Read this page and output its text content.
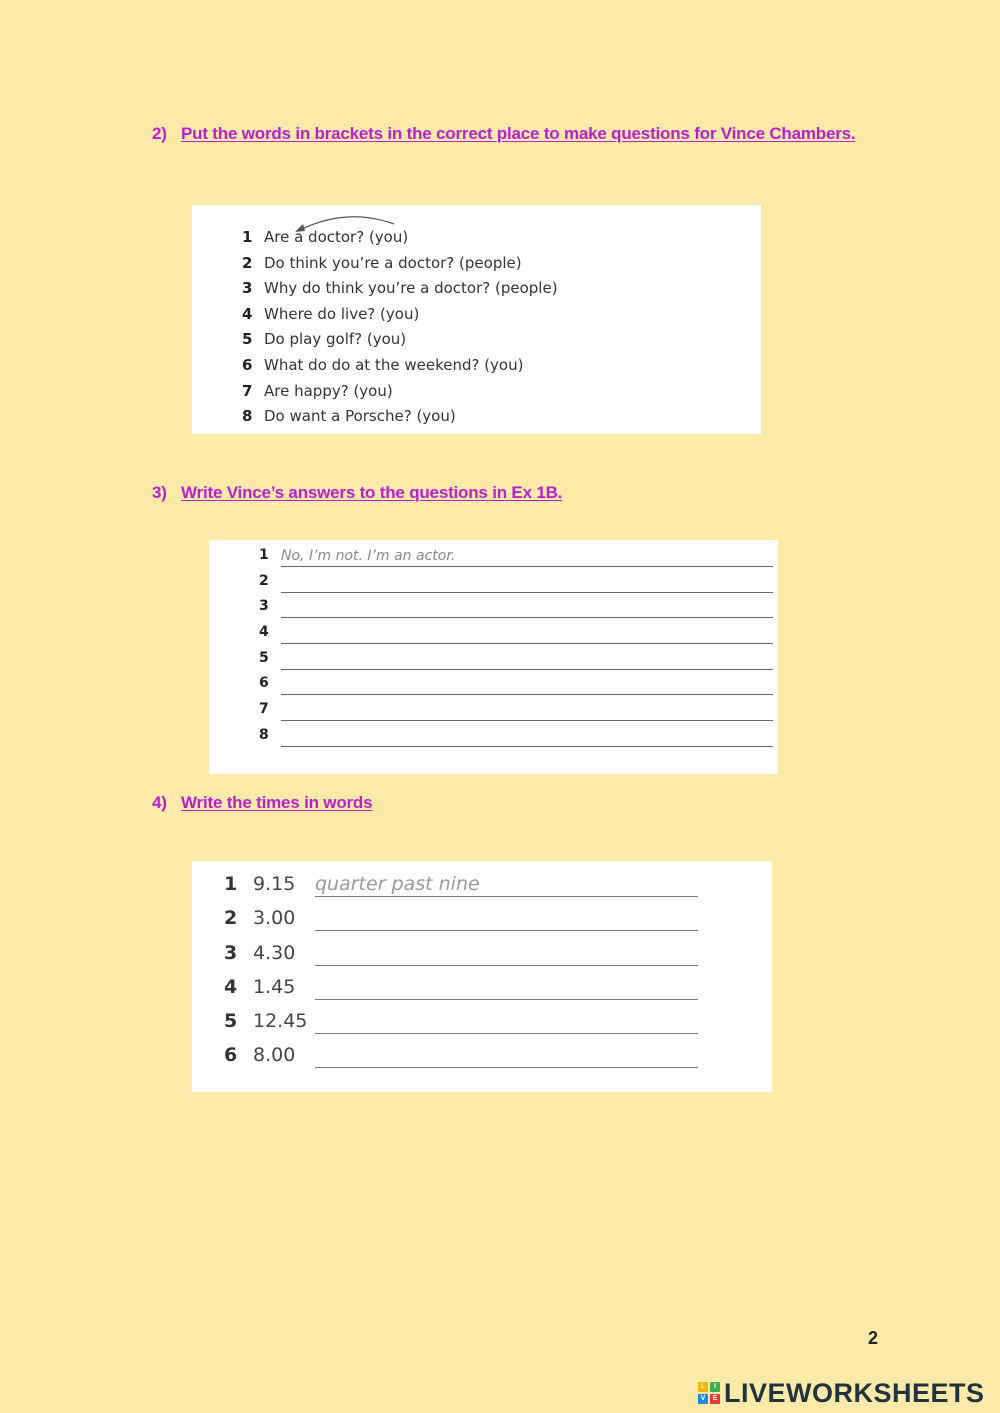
2) Put the words in brackets in the correct place to make questions for Vince Chambers.
1 Are a doctor? (you)
2 Do think you’re a doctor? (people)
3 Why do think you’re a doctor? (people)
4 Where do live? (you)
5 Do play golf? (you)
6 What do do at the weekend? (you)
7 Are happy? (you)
8 Do want a Porsche? (you)
3) Write Vince’s answers to the questions in Ex 1B.
1 No, I’m not. I’m an actor.
2
3
4
5
6
7
8
4) Write the times in words
1 9.15 quarter past nine
2 3.00
3 4.30
4 1.45
5 12.45
6 8.00
2
L	I
V	E LIVEWORKSHEETS
